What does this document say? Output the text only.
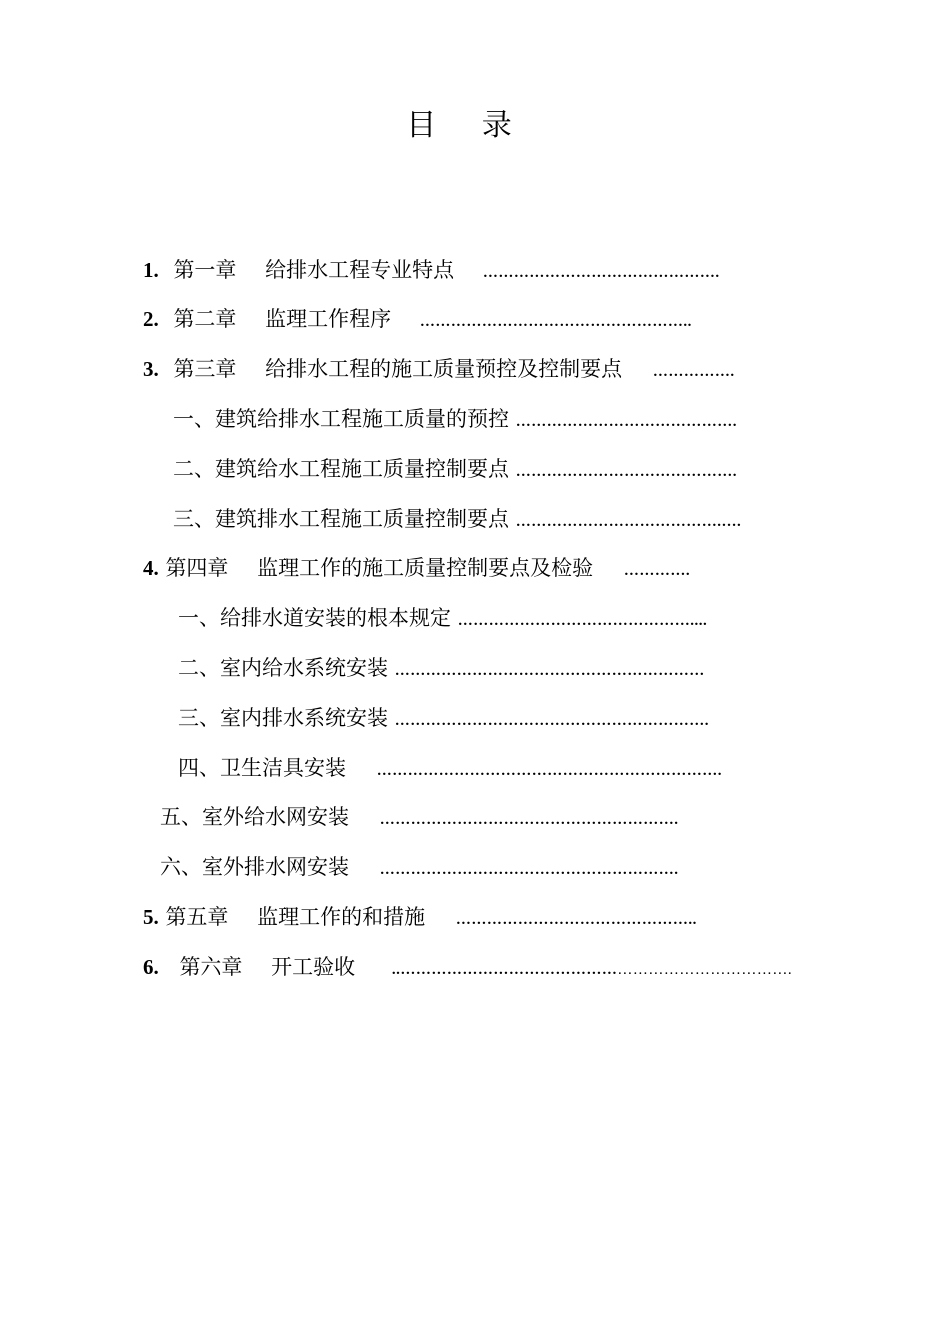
目 录
1. 第一章 给排水工程专业特点 ……………………………………….
2. 第二章 监理工作程序 ……………………………………………..
3. 第三章 给排水工程的施工质量预控及控制要点 …………….
一、建筑给排水工程施工质量的预控 …………………………………….
二、建筑给水工程施工质量控制要点 …………………………………….
三、建筑排水工程施工质量控制要点 ………………………………….….
4. 第四章 监理工作的施工质量控制要点及检验 ………….
一、给排水道安装的根本规定 ………………………………………....
二、室内给水系统安装 ……………………………………………………
三、室内排水系统安装 …………………………………………………….
四、卫生洁具安装 ………………………………………………………….
五、室外给水网安装 ………………………………………………….
六、室外排水网安装 ………………………………………………….
5. 第五章 监理工作的和措施 ………………………………………..
6. 第六章 开工验收 ..………………………………………………………………….
